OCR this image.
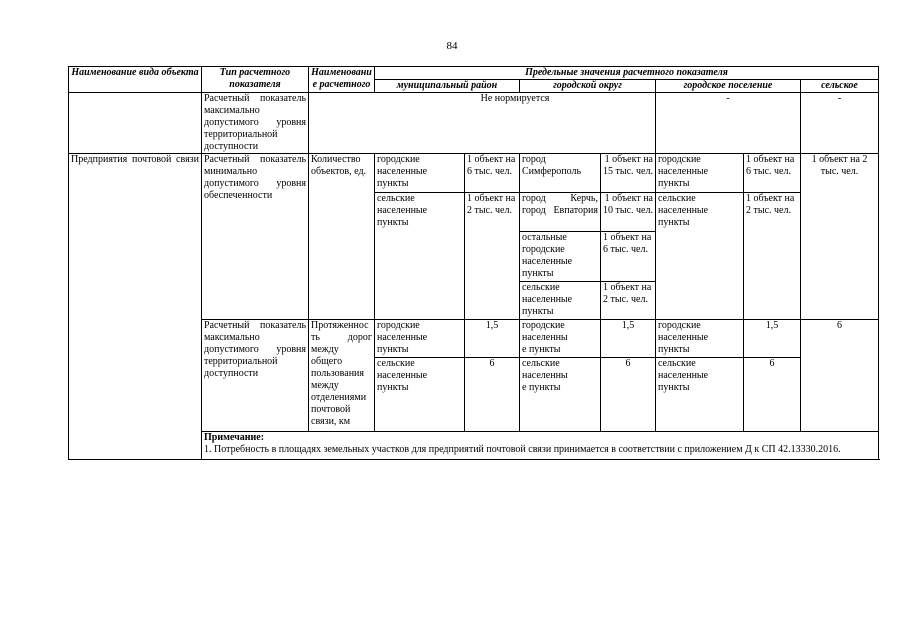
84
Наименование вида объекта	Тип расчетного показателя	Наименовани е расчетного	Предельные значения расчетного показателя						
			муниципальный район		городской округ		городское поселение		сельское
	Расчетный показатель максимально допустимого уровня территориальной доступности	Не нормируется					-		-
Предприятия почтовой связи	Расчетный показатель минимально допустимого уровня обеспеченности	Количество объектов, ед.	городские населенные пункты	1 объект на 6 тыс. чел.	город Симферополь	1 объект на 15 тыс. чел.	городские населенные пункты	1 объект на 6 тыс. чел.	1 объект на 2 тыс. чел.
			сельские населенные пункты	1 объект на 2 тыс. чел.	город Керчь, город Евпатория	1 объект на 10 тыс. чел.	сельские населенные пункты	1 объект на 2 тыс. чел.	
					остальные городские населенные пункты	1 объект на 6 тыс. чел.			
					сельские населенные пункты	1 объект на 2 тыс. чел.			
	Расчетный показатель максимально допустимого уровня территориальной доступности	Протяженность дорог между общего пользования между отделениями почтовой связи, км	городские населенные пункты	1,5	городские населенные пункты	1,5	городские населенные пункты	1,5	6
			сельские населенные пункты	6	сельские населенные пункты	6	сельские населенные пункты	6	

	Примечание:
1. Потребность в площадях земельных участков для предприятий почтовой связи принимается в соответствии с приложением Д к СП 42.13330.2016.								
